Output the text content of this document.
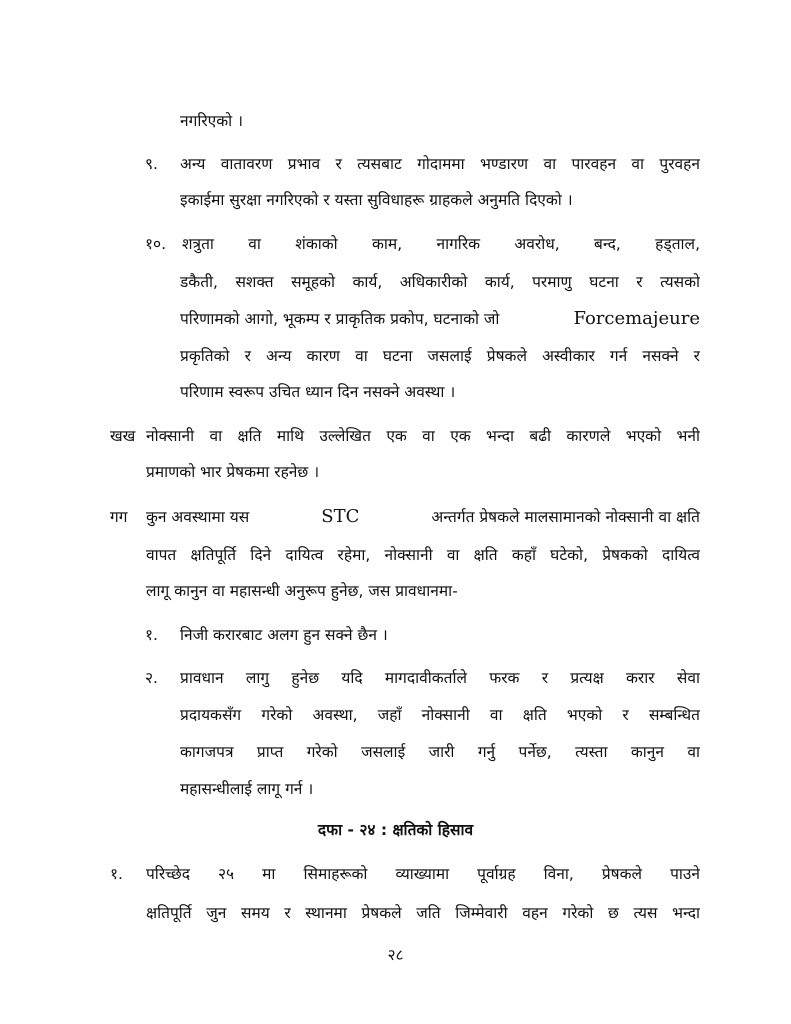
नगरिएको ।
९. अन्य वातावरण प्रभाव र त्यसबाट गोदाममा भण्डारण वा पारवहन वा पुरवहन
इकाईमा सुरक्षा नगरिएको र यस्ता सुविधाहरू ग्राहकले अनुमति दिएको ।
१०. शत्रुता वा शंकाको काम, नागरिक अवरोध, बन्द, हड्ताल,
डकैती, सशक्त समूहको कार्य, अधिकारीको कार्य, परमाणु घटना र त्यसको
परिणामको आगो, भूकम्प र प्राकृतिक प्रकोप, घटनाको जो	Forcemajeure
प्रकृतिको र अन्य कारण वा घटना जसलाई प्रेषकले अस्वीकार गर्न नसक्ने र
परिणाम स्वरूप उचित ध्यान दिन नसक्ने अवस्था ।
खख नोक्सानी वा क्षति माथि उल्लेखित एक वा एक भन्दा बढी कारणले भएको भनी
प्रमाणको भार प्रेषकमा रहनेछ ।
गग कुन अवस्थामा यस	STC	अन्तर्गत प्रेषकले मालसामानको नोक्सानी वा क्षति
वापत क्षतिपूर्ति दिने दायित्व रहेमा, नोक्सानी वा क्षति कहाँ घटेको, प्रेषकको दायित्व
लागू कानुन वा महासन्धी अनुरूप हुनेछ, जस प्रावधानमा-
१. निजी करारबाट अलग हुन सक्ने छैन ।
२. प्रावधान लागु हुनेछ यदि मागदावीकर्ताले फरक र प्रत्यक्ष करार सेवा
प्रदायकसँग गरेको अवस्था, जहाँ नोक्सानी वा क्षति भएको र सम्बन्धित
कागजपत्र प्राप्त गरेको जसलाई जारी गर्नु पर्नेछ, त्यस्ता कानुन वा
महासन्धीलाई लागू गर्न ।
दफा - २४ : क्षतिको हिसाव
१. परिच्छेद २५ मा सिमाहरूको व्याख्यामा पूर्वाग्रह विना, प्रेषकले पाउने
क्षतिपूर्ति जुन समय र स्थानमा प्रेषकले जति जिम्मेवारी वहन गरेको छ त्यस भन्दा
२८
